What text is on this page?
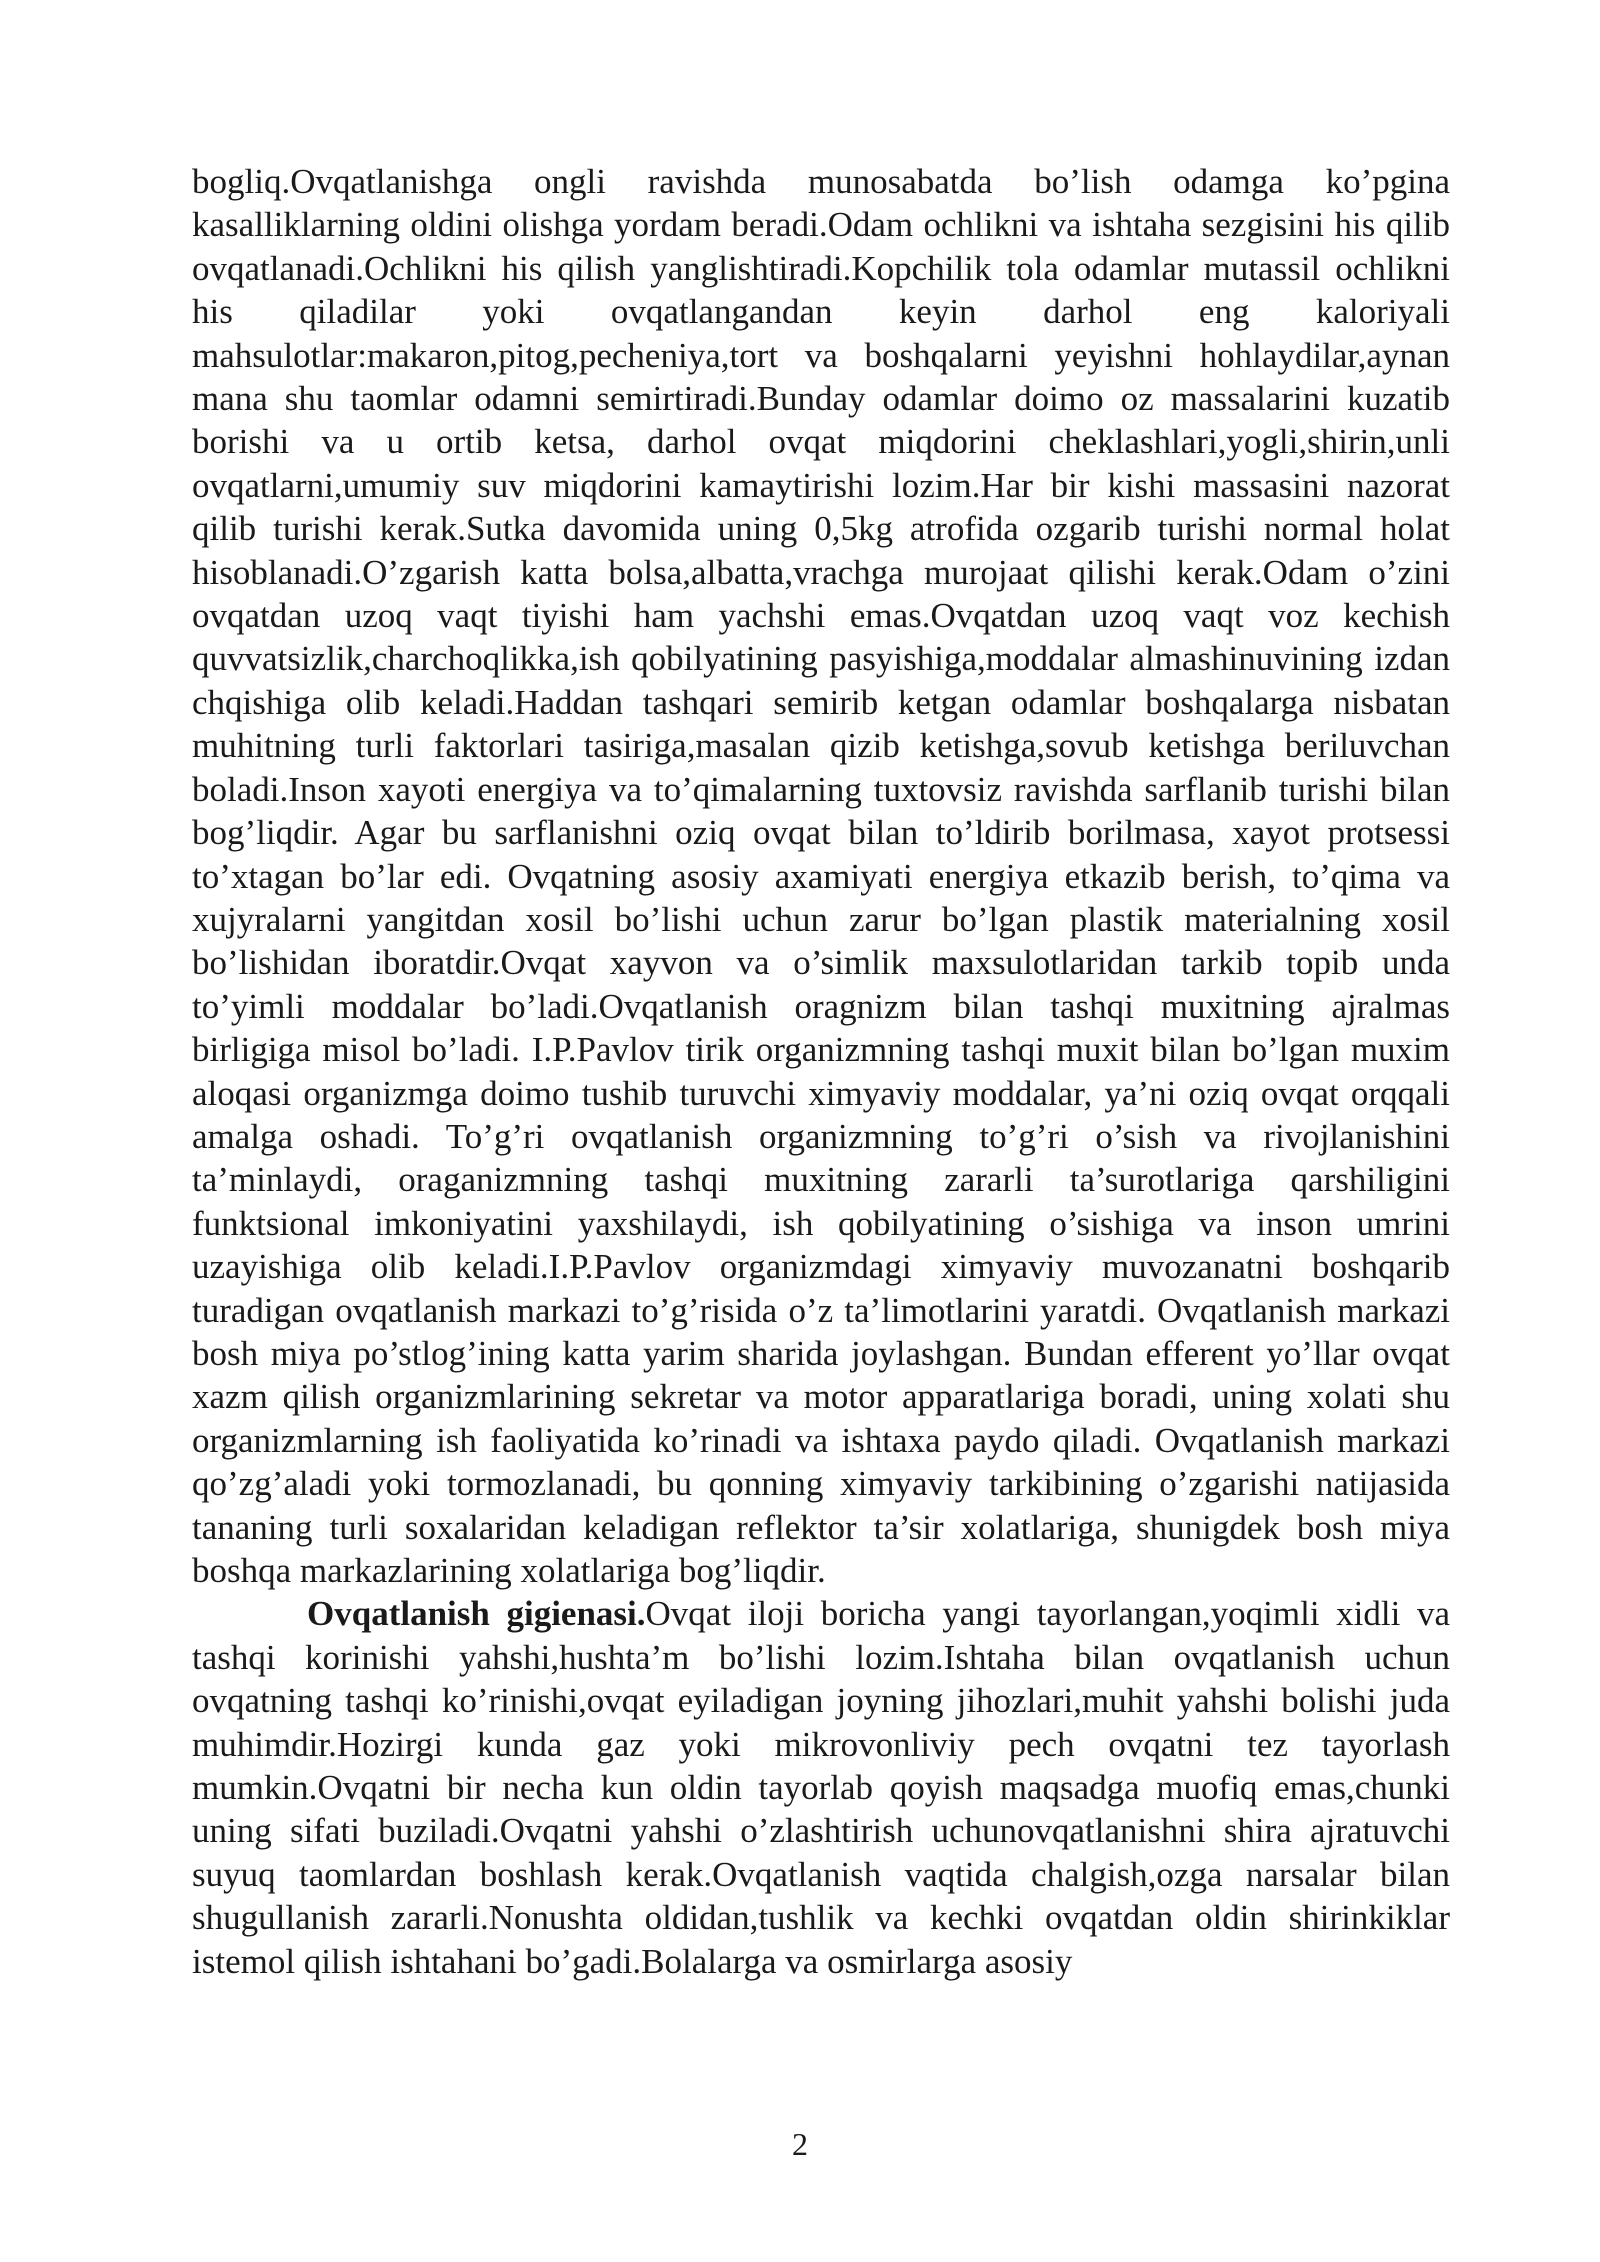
bogliq.Ovqatlanishga ongli ravishda munosabatda bo’lish odamga ko’pgina kasalliklarning oldini olishga yordam beradi.Odam ochlikni va ishtaha sezgisini his qilib ovqatlanadi.Ochlikni his qilish yanglishtiradi.Kopchilik tola odamlar mutassil ochlikni his qiladilar yoki ovqatlangandan keyin darhol eng kaloriyali mahsulotlar:makaron,pitog,pecheniya,tort va boshqalarni yeyishni hohlaydilar,aynan mana shu taomlar odamni semirtiradi.Bunday odamlar doimo oz massalarini kuzatib borishi va u ortib ketsa, darhol ovqat miqdorini cheklashlari,yogli,shirin,unli ovqatlarni,umumiy suv miqdorini kamaytirishi lozim.Har bir kishi massasini nazorat qilib turishi kerak.Sutka davomida uning 0,5kg atrofida ozgarib turishi normal holat hisoblanadi.O’zgarish katta bolsa,albatta,vrachga murojaat qilishi kerak.Odam o’zini ovqatdan uzoq vaqt tiyishi ham yachshi emas.Ovqatdan uzoq vaqt voz kechish quvvatsizlik,charchoqlikka,ish qobilyatining pasyishiga,moddalar almashinuvining izdan chqishiga olib keladi.Haddan tashqari semirib ketgan odamlar boshqalarga nisbatan muhitning turli faktorlari tasiriga,masalan qizib ketishga,sovub ketishga beriluvchan boladi.Inson xayoti energiya va to’qimalarning tuxtovsiz ravishda sarflanib turishi bilan bog’liqdir. Agar bu sarflanishni oziq ovqat bilan to’ldirib borilmasa, xayot protsessi to’xtagan bo’lar edi. Ovqatning asosiy axamiyati energiya etkazib berish, to’qima va xujyralarni yangitdan xosil bo’lishi uchun zarur bo’lgan plastik materialning xosil bo’lishidan iboratdir.Ovqat xayvon va o’simlik maxsulotlaridan tarkib topib unda to’yimli moddalar bo’ladi.Ovqatlanish oragnizm bilan tashqi muxitning ajralmas birligiga misol bo’ladi. I.P.Pavlov tirik organizmning tashqi muxit bilan bo’lgan muxim aloqasi organizmga doimo tushib turuvchi ximyaviy moddalar, ya’ni oziq ovqat orqqali amalga oshadi. To’g’ri ovqatlanish organizmning to’g’ri o’sish va rivojlanishini ta’minlaydi, oraganizmning tashqi muxitning zararli ta’surotlariga qarshiligini funktsional imkoniyatini yaxshilaydi, ish qobilyatining o’sishiga va inson umrini uzayishiga olib keladi.I.P.Pavlov organizmdagi ximyaviy muvozanatni boshqarib turadigan ovqatlanish markazi to’g’risida o’z ta’limotlarini yaratdi. Ovqatlanish markazi bosh miya po’stlog’ining katta yarim sharida joylashgan. Bundan efferent yo’llar ovqat xazm qilish organizmlarining sekretar va motor apparatlariga boradi, uning xolati shu organizmlarning ish faoliyatida ko’rinadi va ishtaxa paydo qiladi. Ovqatlanish markazi qo’zg’aladi yoki tormozlanadi, bu qonning ximyaviy tarkibining o’zgarishi natijasida tananing turli soxalaridan keladigan reflektor ta’sir xolatlariga, shunigdek bosh miya boshqa markazlarining xolatlariga bog’liqdir.

Ovqatlanish gigienasi.Ovqat iloji boricha yangi tayorlangan,yoqimli xidli va tashqi korinishi yahshi,hushta’m bo’lishi lozim.Ishtaha bilan ovqatlanish uchun ovqatning tashqi ko’rinishi,ovqat eyiladigan joyning jihozlari,muhit yahshi bolishi juda muhimdir.Hozirgi kunda gaz yoki mikrovonliviy pech ovqatni tez tayorlash mumkin.Ovqatni bir necha kun oldin tayorlab qoyish maqsadga muofiq emas,chunki uning sifati buziladi.Ovqatni yahshi o’zlashtirish uchunovqatlanishni shira ajratuvchi suyuq taomlardan boshlash kerak.Ovqatlanish vaqtida chalgish,ozga narsalar bilan shugullanish zararli.Nonushta oldidan,tushlik va kechki ovqatdan oldin shirinkiklar istemol qilish ishtahani bo’gadi.Bolalarga va osmirlarga asosiy

2
